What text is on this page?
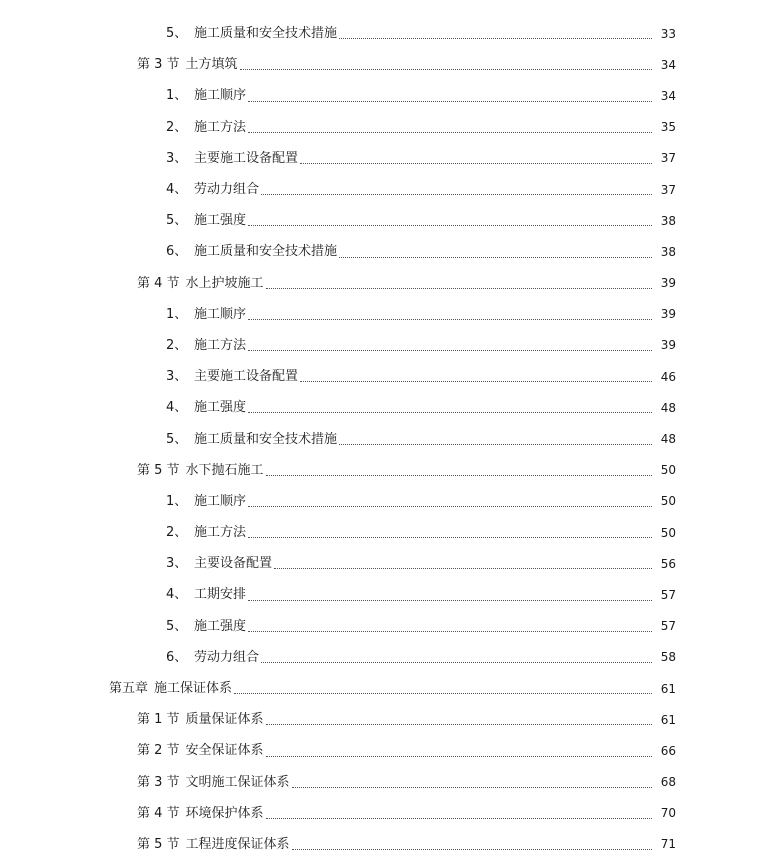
5、 施工质量和安全技术措施	33
第 3 节 土方填筑	34
1、 施工顺序	34
2、 施工方法	35
3、 主要施工设备配置	37
4、 劳动力组合	37
5、 施工强度	38
6、 施工质量和安全技术措施	38
第 4 节 水上护坡施工	39
1、 施工顺序	39
2、 施工方法	39
3、 主要施工设备配置	46
4、 施工强度	48
5、 施工质量和安全技术措施	48
第 5 节 水下抛石施工	50
1、 施工顺序	50
2、 施工方法	50
3、 主要设备配置	56
4、 工期安排	57
5、 施工强度	57
6、 劳动力组合	58
第五章 施工保证体系	61
第 1 节 质量保证体系	61
第 2 节 安全保证体系	66
第 3 节 文明施工保证体系	68
第 4 节 环境保护体系	70
第 5 节 工程进度保证体系	71
